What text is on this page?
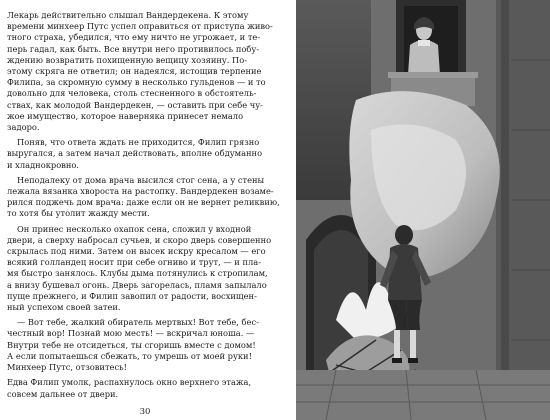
Лекарь действительно слышал Вандердекена. К этому
времени минхеер Путс успел оправиться от приступа живо-
тного страха, убедился, что ему ничто не угрожает, и те-
перь гадал, как быть. Все внутри него противилось побу-
ждению возвратить похищенную вещицу хозяину. По-
этому скряга не ответил; он надеялся, истощив терпение
Филипа, за скромную сумму в несколько гульденов — и то
довольно для человека, столь стесненного в обстоятель-
ствах, как молодой Вандердекен, — оставить при себе чу-
жое имущество, которое наверняка принесет немало
задоро.

Поняв, что ответа ждать не приходится, Филип грязно
выругался, а затем начал действовать, вполне обдуманно
и хладнокровно.

Неподалеку от дома врача высился стог сена, а у стены
лежала вязанка хвороста на растопку. Вандердекен возаме-
рился поджечь дом врача: даже если он не вернет реликвию,
то хотя бы утолит жажду мести.

Он принес несколько охапок сена, сложил у входной
двери, а сверху набросал сучьев, и скоро дверь совершенно
скрылась под ними. Затем он высек искру кресалом — его
всякий голландец носит при себе огниво и трут, — и пла-
мя быстро занялось. Клубы дыма потянулись к стропилам,
а внизу бушевал огонь. Дверь загорелась, пламя запылало
пуще прежнего, и Филип завопил от радости, восхищен-
ный успехом своей затеи.

— Вот тебе, жалкий обиратель мертвых! Вот тебе, бес-
честный вор! Познай мою месть! — вскричал юноша. —
Внутри тебе не отсидеться, ты сгоришь вместе с домом!
А если попытаешься сбежать, то умрешь от моей руки!
Минхеер Путс, отзовитесь!

Едва Филип умолк, распахнулось окно верхнего этажа,
совсем дальнее от двери.

30
